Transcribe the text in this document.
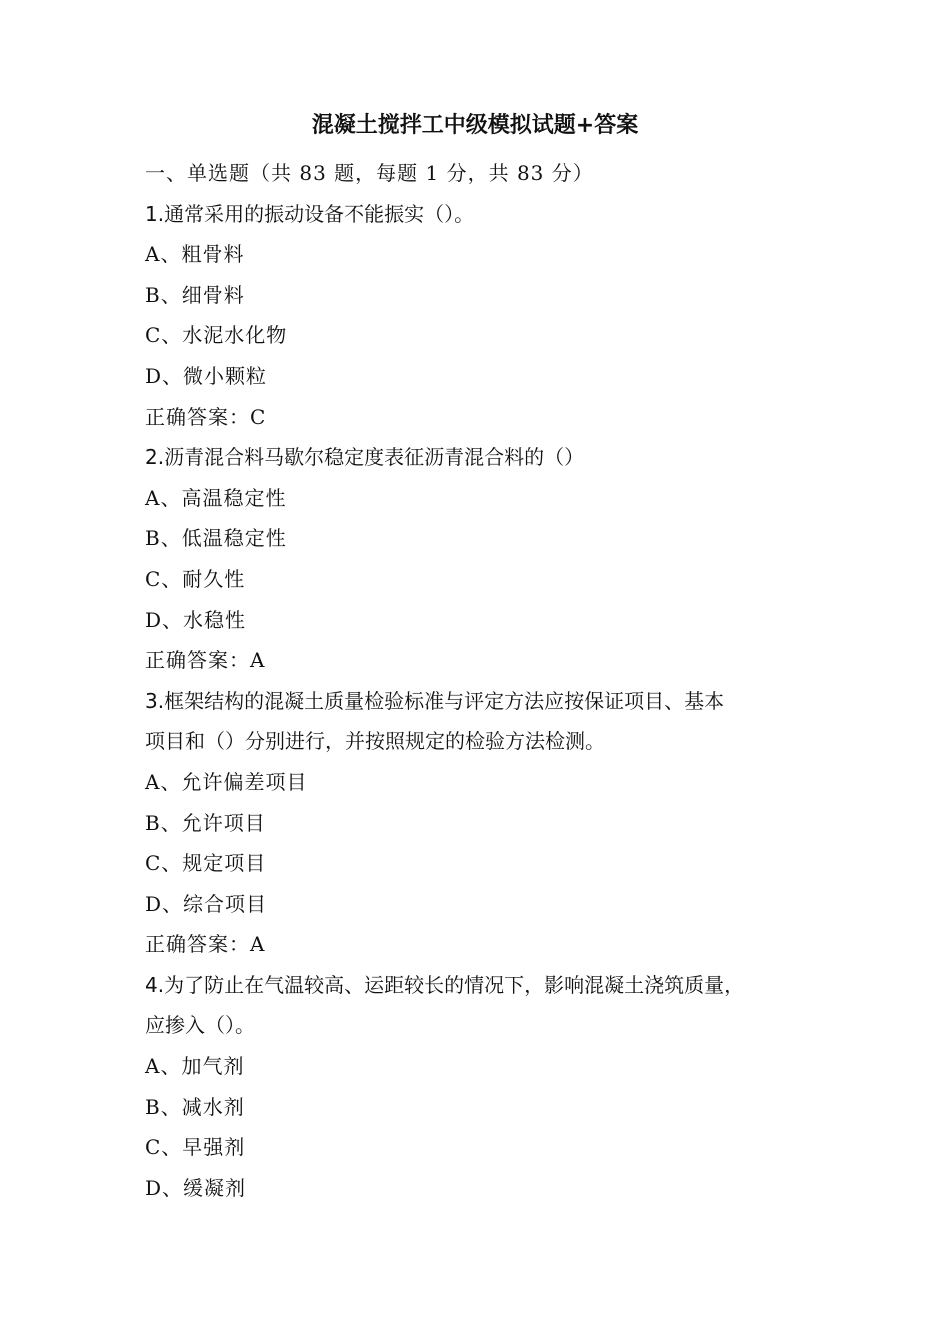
混凝土搅拌工中级模拟试题+答案
一、单选题（共 83 题，每题 1 分，共 83 分）
1.通常采用的振动设备不能振实（）。
A、粗骨料
B、细骨料
C、水泥水化物
D、微小颗粒
正确答案：C
2.沥青混合料马歇尔稳定度表征沥青混合料的（）
A、高温稳定性
B、低温稳定性
C、耐久性
D、水稳性
正确答案：A
3.框架结构的混凝土质量检验标准与评定方法应按保证项目、基本
项目和（）分别进行，并按照规定的检验方法检测。
A、允许偏差项目
B、允许项目
C、规定项目
D、综合项目
正确答案：A
4.为了防止在气温较高、运距较长的情况下，影响混凝土浇筑质量，
应掺入（）。
A、加气剂
B、减水剂
C、早强剂
D、缓凝剂
